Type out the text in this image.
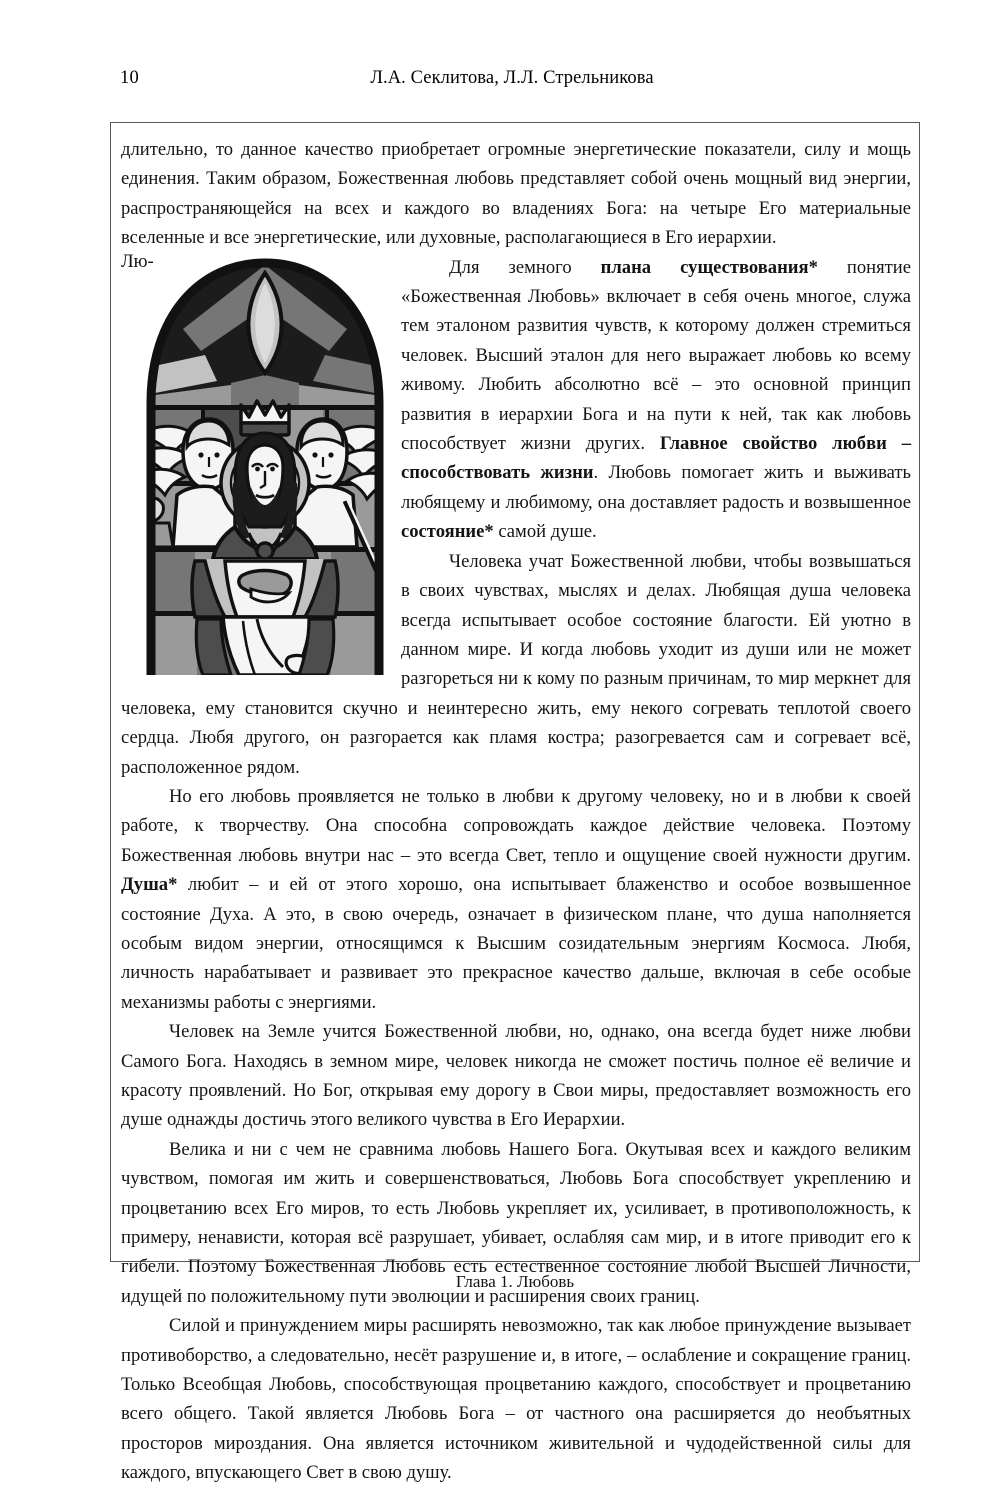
10	Л.А. Секлитова, Л.Л. Стрельникова
Лю-

длительно, то данное качество приобретает огромные энергетические показатели, силу и мощь единения. Таким образом, Божественная любовь представляет собой очень мощный вид энергии, распространяющейся на всех и каждого во владениях Бога: на четыре Его материальные вселенные и все энергетические, или духовные, располагающиеся в Его иерархии.

Для земного плана существования* понятие «Божественная Любовь» включает в себя очень многое, служа тем эталоном развития чувств, к которому должен стремиться человек. Высший эталон для него выражает любовь ко всему живому. Любить абсолютно всё – это основной принцип развития в иерархии Бога и на пути к ней, так как любовь способствует жизни других. Главное свойство любви – способствовать жизни. Любовь помогает жить и выживать любящему и любимому, она доставляет радость и возвышенное состояние* самой душе.

Человека учат Божественной любви, чтобы возвышаться в своих чувствах, мыслях и делах. Любящая душа человека всегда испытывает особое состояние благости. Ей уютно в данном мире. И когда любовь уходит из души или не может разгореться ни к кому по разным причинам, то мир меркнет для человека, ему становится скучно и неинтересно жить, ему некого согревать теплотой своего сердца. Любя другого, он разгорается как пламя костра; разогревается сам и согревает всё, расположенное рядом.

Но его любовь проявляется не только в любви к другому человеку, но и в любви к своей работе, к творчеству. Она способна сопровождать каждое действие человека. Поэтому Божественная любовь внутри нас – это всегда Свет, тепло и ощущение своей нужности другим. Душа* любит – и ей от этого хорошо, она испытывает блаженство и особое возвышенное состояние Духа. А это, в свою очередь, означает в физическом плане, что душа наполняется особым видом энергии, относящимся к Высшим созидательным энергиям Космоса. Любя, личность нарабатывает и развивает это прекрасное качество дальше, включая в себе особые механизмы работы с энергиями.

Человек на Земле учится Божественной любви, но, однако, она всегда будет ниже любви Самого Бога. Находясь в земном мире, человек никогда не сможет постичь полное её величие и красоту проявлений. Но Бог, открывая ему дорогу в Свои миры, предоставляет возможность его душе однажды достичь этого великого чувства в Его Иерархии.

Велика и ни с чем не сравнима любовь Нашего Бога. Окутывая всех и каждого великим чувством, помогая им жить и совершенствоваться, Любовь Бога способствует укреплению и процветанию всех Его миров, то есть Любовь укрепляет их, усиливает, в противоположность, к примеру, ненависти, которая всё разрушает, убивает, ослабляя сам мир, и в итоге приводит его к гибели. Поэтому Божественная Любовь есть естественное состояние любой Высшей Личности, идущей по положительному пути эволюции и расширения своих границ.

Силой и принуждением миры расширять невозможно, так как любое принуждение вызывает противоборство, а следовательно, несёт разрушение и, в итоге, – ослабление и сокращение границ. Только Всеобщая Любовь, способствующая процветанию каждого, способствует и процветанию всего общего. Такой является Любовь Бога – от частного она расширяется до необъятных просторов мироздания. Она является источником живительной и чудодейственной силы для каждого, впускающего Свет в свою душу.

Глава 1. Любовь
